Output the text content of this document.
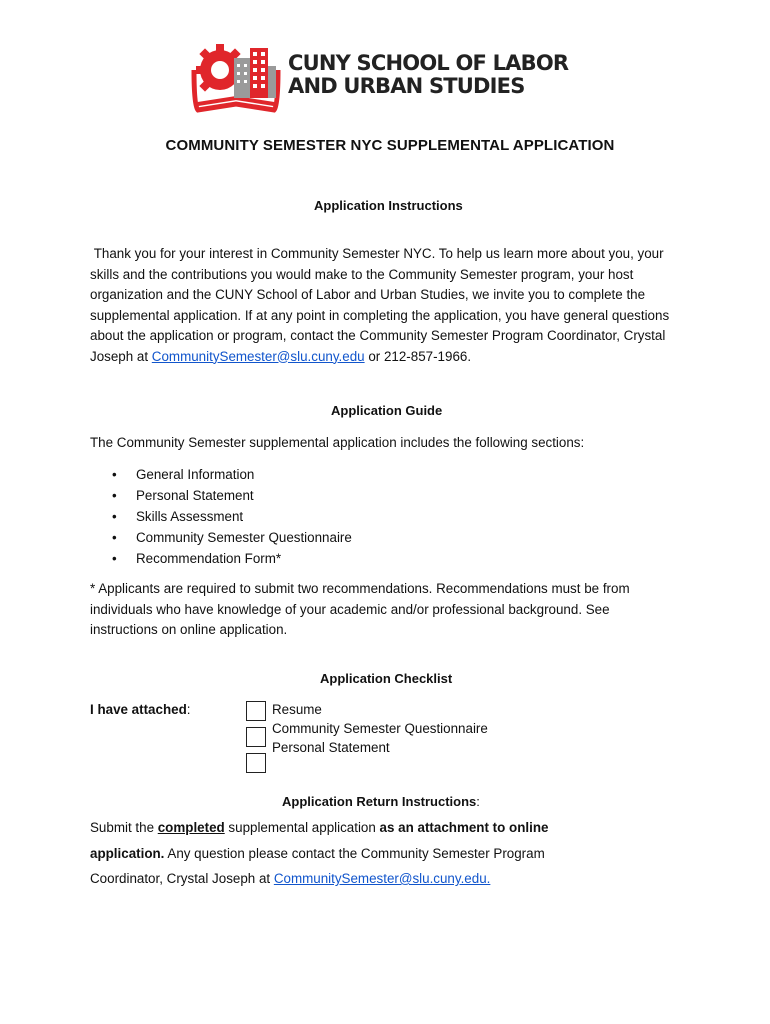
CUNY SCHOOL OF LABOR
AND URBAN STUDIES
COMMUNITY SEMESTER NYC SUPPLEMENTAL APPLICATION
Application Instructions

Thank you for your interest in Community Semester NYC. To help us learn more about you, your skills and the contributions you would make to the Community Semester program, your host organization and the CUNY School of Labor and Urban Studies, we invite you to complete the supplemental application. If at any point in completing the application, you have general questions about the application or program, contact the Community Semester Program Coordinator, Crystal Joseph at CommunitySemester@slu.cuny.edu or 212-857-1966.

Application Guide
The Community Semester supplemental application includes the following sections:
• General Information
• Personal Statement
• Skills Assessment
• Community Semester Questionnaire
• Recommendation Form*
* Applicants are required to submit two recommendations. Recommendations must be from individuals who have knowledge of your academic and/or professional background. See instructions on online application.
Application Checklist
I have attached:	Resume
Community Semester Questionnaire
Personal Statement
Application Return Instructions:

Submit the completed supplemental application as an attachment to online application. Any question please contact the Community Semester Program Coordinator, Crystal Joseph at CommunitySemester@slu.cuny.edu.
